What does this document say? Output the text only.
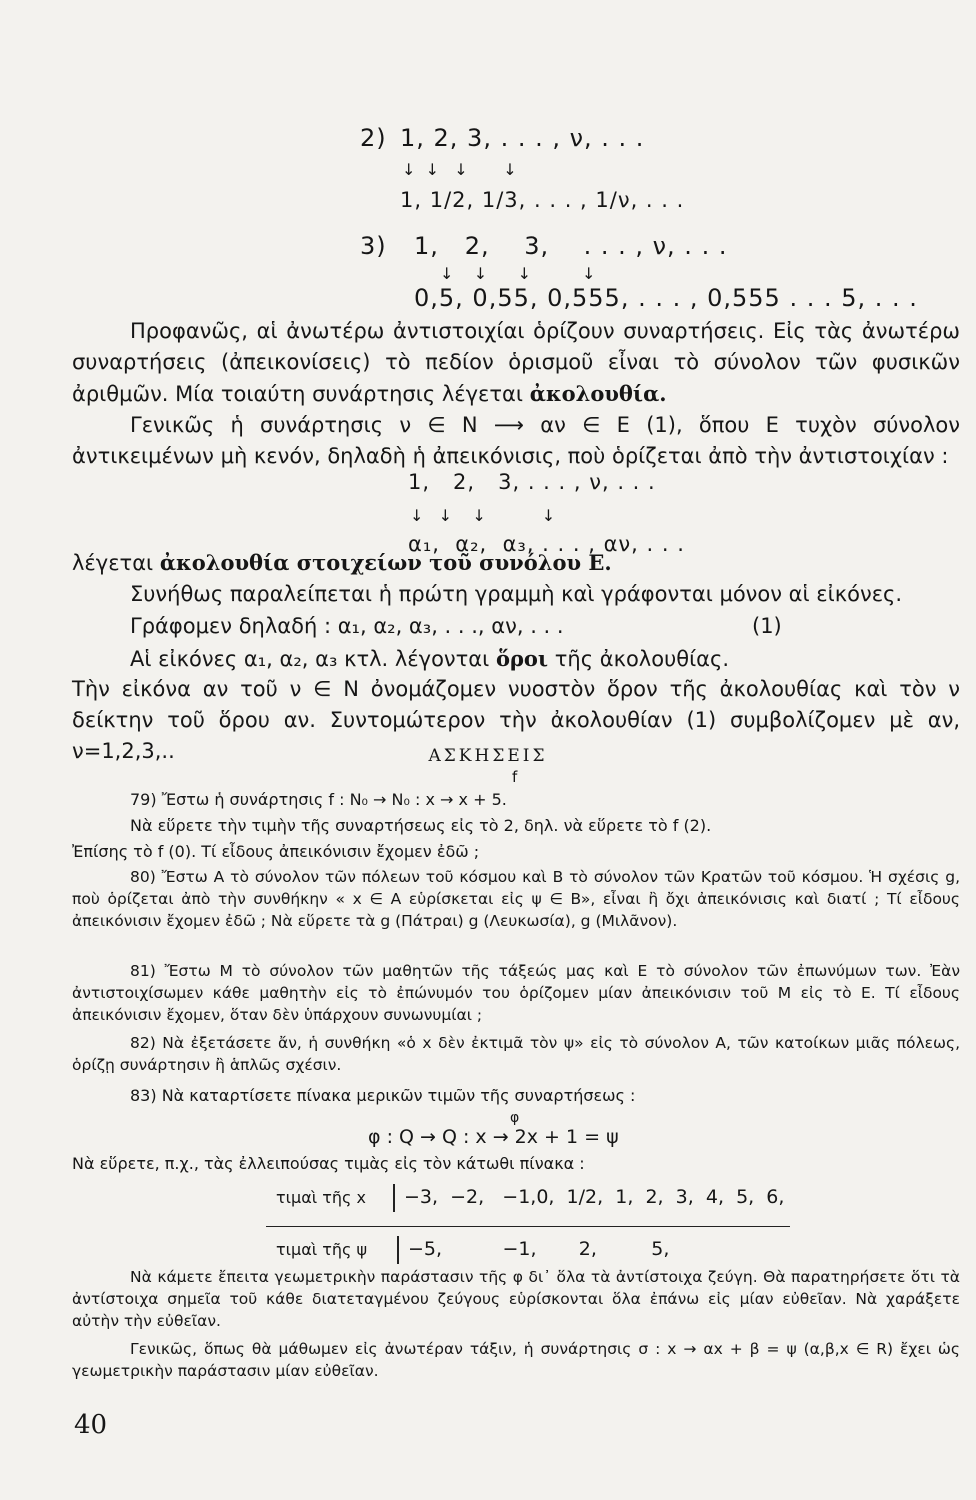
2) 1, 2, 3, . . . , ν, . . .
↓  ↓   ↓       ↓
1, 1/2, 1/3, . . . , 1/ν, . . .
3) 1,   2,    3,    . . . , ν, . . .
↓    ↓      ↓          ↓
0,5, 0,55, 0,555, . . . , 0,555 . . . 5, . . .
Προφανῶς, αἱ ἀνωτέρω ἀντιστοιχίαι ὁρίζουν συναρτήσεις. Εἰς τὰς ἀνωτέρω συναρτήσεις (ἀπεικονίσεις) τὸ πεδίον ὁρισμοῦ εἶναι τὸ σύνολον τῶν φυσικῶν ἀριθμῶν. Μία τοιαύτη συνάρτησις λέγεται ἀκολουθία.
Γενικῶς ἡ συνάρτησις ν ∈ N ⟶ αν ∈ E (1), ὅπου E τυχὸν σύνολον ἀντικειμένων μὴ κενόν, δηλαδὴ ἡ ἀπεικόνισις, ποὺ ὁρίζεται ἀπὸ τὴν ἀντιστοιχίαν :
1,   2,   3, . . . , ν, . . .
↓   ↓    ↓           ↓
α₁,  α₂,  α₃, . . . , αν, . . .
λέγεται ἀκολουθία στοιχείων τοῦ συνόλου E.
Συνήθως παραλείπεται ἡ πρώτη γραμμὴ καὶ γράφονται μόνον αἱ εἰκόνες.
Γράφομεν δηλαδή : α₁, α₂, α₃, . . ., αν, . . .	(1)
Αἱ εἰκόνες α₁, α₂, α₃ κτλ. λέγονται ὅροι τῆς ἀκολουθίας.
Τὴν εἰκόνα αν τοῦ ν ∈ N ὀνομάζομεν νυοστὸν ὅρον τῆς ἀκολουθίας καὶ τὸν ν δείκτην τοῦ ὅρου αν. Συντομώτερον τὴν ἀκολουθίαν (1) συμβολίζομεν μὲ αν, ν=1,2,3,..	ΑΣΚΗΣΕΙΣ
f
79) Ἔστω ἡ συνάρτησις f : N₀ → N₀ : x → x + 5.
Νὰ εὕρετε τὴν τιμὴν τῆς συναρτήσεως εἰς τὸ 2, δηλ. νὰ εὕρετε τὸ f (2).
Ἐπίσης τὸ f (0). Τί εἶδους ἀπεικόνισιν ἔχομεν ἐδῶ ;
80) Ἔστω A τὸ σύνολον τῶν πόλεων τοῦ κόσμου καὶ B τὸ σύνολον τῶν Κρατῶν τοῦ κόσμου. Ἡ σχέσις g, ποὺ ὁρίζεται ἀπὸ τὴν συνθήκην « x ∈ A εὑρίσκεται εἰς ψ ∈ B», εἶναι ἢ ὄχι ἀπεικόνισις καὶ διατί ; Τί εἶδους ἀπεικόνισιν ἔχομεν ἐδῶ ; Νὰ εὕρετε τὰ g (Πάτραι) g (Λευκωσία), g (Μιλᾶνον).
81) Ἔστω M τὸ σύνολον τῶν μαθητῶν τῆς τάξεώς μας καὶ E τὸ σύνολον τῶν ἐπωνύμων των. Ἐὰν ἀντιστοιχίσωμεν κάθε μαθητὴν εἰς τὸ ἐπώνυμόν του ὁρίζομεν μίαν ἀπεικόνισιν τοῦ M εἰς τὸ E. Τί εἶδους ἀπεικόνισιν ἔχομεν, ὅταν δὲν ὑπάρχουν συνωνυμίαι ;
82) Νὰ ἐξετάσετε ἄν, ἡ συνθήκη «ὁ x δὲν ἐκτιμᾶ τὸν ψ» εἰς τὸ σύνολον A, τῶν κατοίκων μιᾶς πόλεως, ὁρίζῃ συνάρτησιν ἢ ἁπλῶς σχέσιν.
83) Νὰ καταρτίσετε πίνακα μερικῶν τιμῶν τῆς συναρτήσεως :
φ
φ : Q → Q : x → 2x + 1 = ψ
Νὰ εὕρετε, π.χ., τὰς ἐλλειπούσας τιμὰς εἰς τὸν κάτωθι πίνακα :
τιμαὶ τῆς x −3,  −2,   −1,0,  1/2,  1,  2,  3,  4,  5,  6,
τιμαὶ τῆς ψ −5,          −1,       2,         5,
Νὰ κάμετε ἔπειτα γεωμετρικὴν παράστασιν τῆς φ δι᾽ ὅλα τὰ ἀντίστοιχα ζεύγη. Θὰ παρατηρήσετε ὅτι τὰ ἀντίστοιχα σημεῖα τοῦ κάθε διατεταγμένου ζεύγους εὑρίσκονται ὅλα ἐπάνω εἰς μίαν εὐθεῖαν. Νὰ χαράξετε αὐτὴν τὴν εὐθεῖαν.
Γενικῶς, ὅπως θὰ μάθωμεν εἰς ἀνωτέραν τάξιν, ἡ συνάρτησις σ : x → αx + β = ψ (α,β,x ∈ R) ἔχει ὡς γεωμετρικὴν παράστασιν μίαν εὐθεῖαν.
40
